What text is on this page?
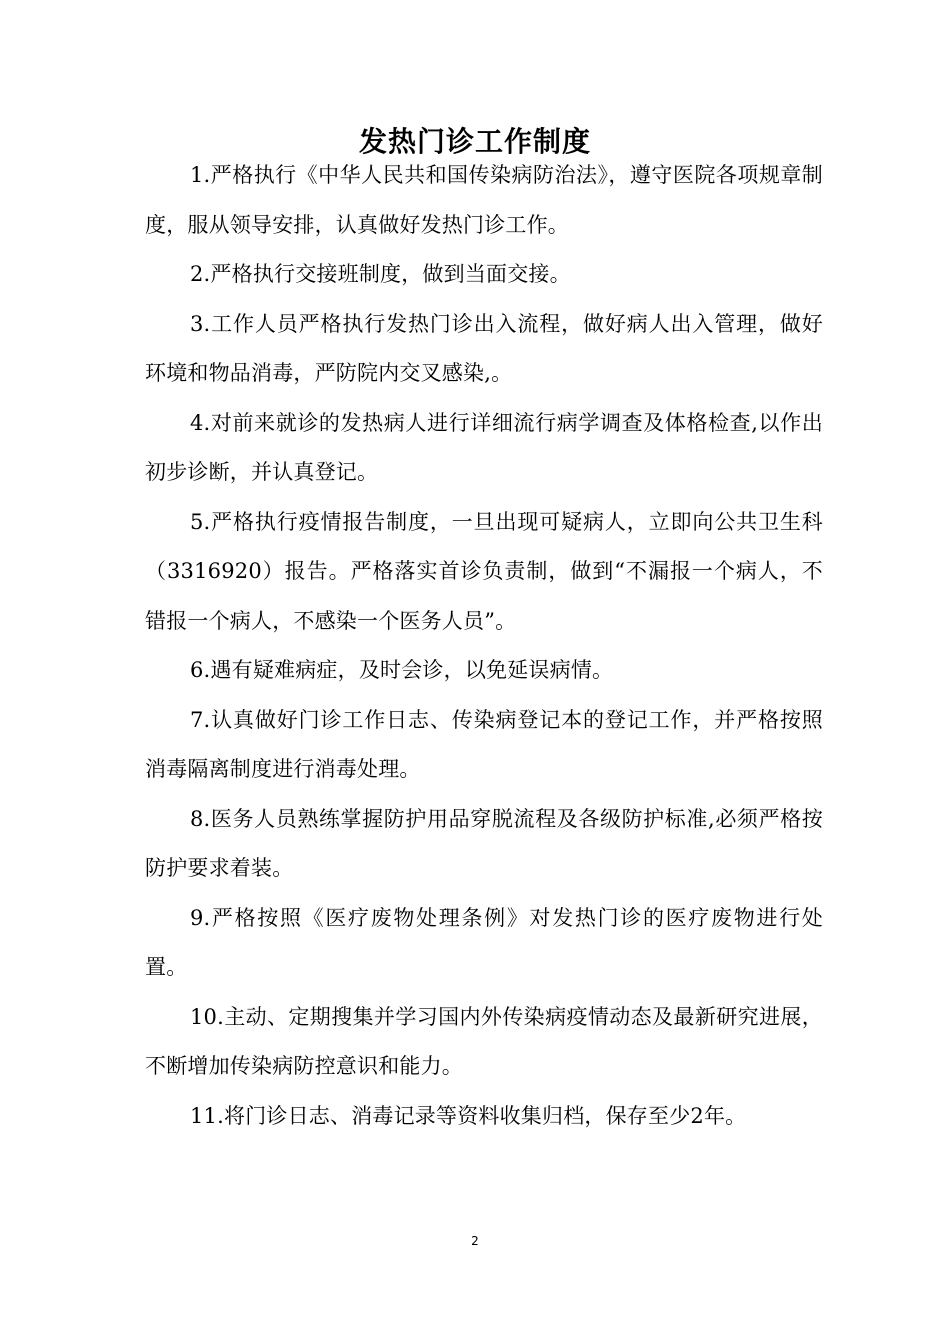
发热门诊工作制度

1.严格执行《中华人民共和国传染病防治法》，遵守医院各项规章制度，服从领导安排，认真做好发热门诊工作。

2.严格执行交接班制度，做到当面交接。

3.工作人员严格执行发热门诊出入流程，做好病人出入管理，做好环境和物品消毒，严防院内交叉感染,。

4.对前来就诊的发热病人进行详细流行病学调查及体格检查,以作出初步诊断，并认真登记。

5.严格执行疫情报告制度，一旦出现可疑病人，立即向公共卫生科（3316920）报告。严格落实首诊负责制，做到“不漏报一个病人，不错报一个病人，不感染一个医务人员”。

6.遇有疑难病症，及时会诊，以免延误病情。

7.认真做好门诊工作日志、传染病登记本的登记工作，并严格按照消毒隔离制度进行消毒处理。

8.医务人员熟练掌握防护用品穿脱流程及各级防护标准,必须严格按防护要求着装。

9.严格按照《医疗废物处理条例》对发热门诊的医疗废物进行处置。

10.主动、定期搜集并学习国内外传染病疫情动态及最新研究进展，不断增加传染病防控意识和能力。

11.将门诊日志、消毒记录等资料收集归档，保存至少2年。

2
